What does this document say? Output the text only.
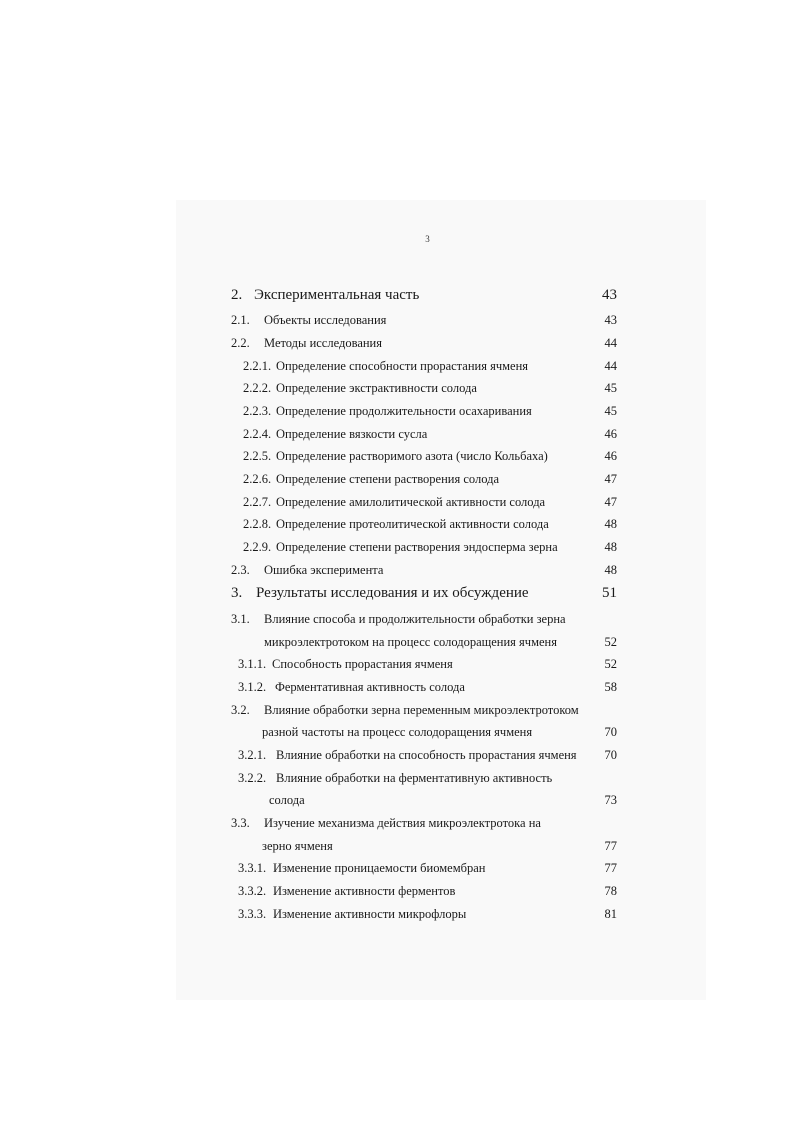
3
2. Экспериментальная часть	43
2.1. Объекты исследования	43
2.2. Методы исследования	44
2.2.1. Определение способности прорастания ячменя	44
2.2.2. Определение экстрактивности солода	45
2.2.3. Определение продолжительности осахаривания	45
2.2.4. Определение вязкости сусла	46
2.2.5. Определение растворимого азота (число Кольбаха)	46
2.2.6. Определение степени растворения солода	47
2.2.7. Определение амилолитической активности солода	47
2.2.8. Определение протеолитической активности солода	48
2.2.9. Определение степени растворения эндосперма зерна	48
2.3. Ошибка эксперимента	48
3. Результаты исследования и их обсуждение	51
3.1. Влияние способа и продолжительности обработки зерна
микроэлектротоком на процесс солодоращения ячменя	52
3.1.1. Способность прорастания ячменя	52
3.1.2. Ферментативная активность солода	58
3.2. Влияние обработки зерна переменным микроэлектротоком
разной частоты на процесс солодоращения ячменя	70
3.2.1. Влияние обработки на способность прорастания ячменя 70
3.2.2. Влияние обработки на ферментативную активность
солода	73
3.3. Изучение механизма действия микроэлектротока на
зерно ячменя	77
3.3.1. Изменение проницаемости биомембран	77
3.3.2. Изменение активности ферментов	78
3.3.3. Изменение активности микрофлоры	81
